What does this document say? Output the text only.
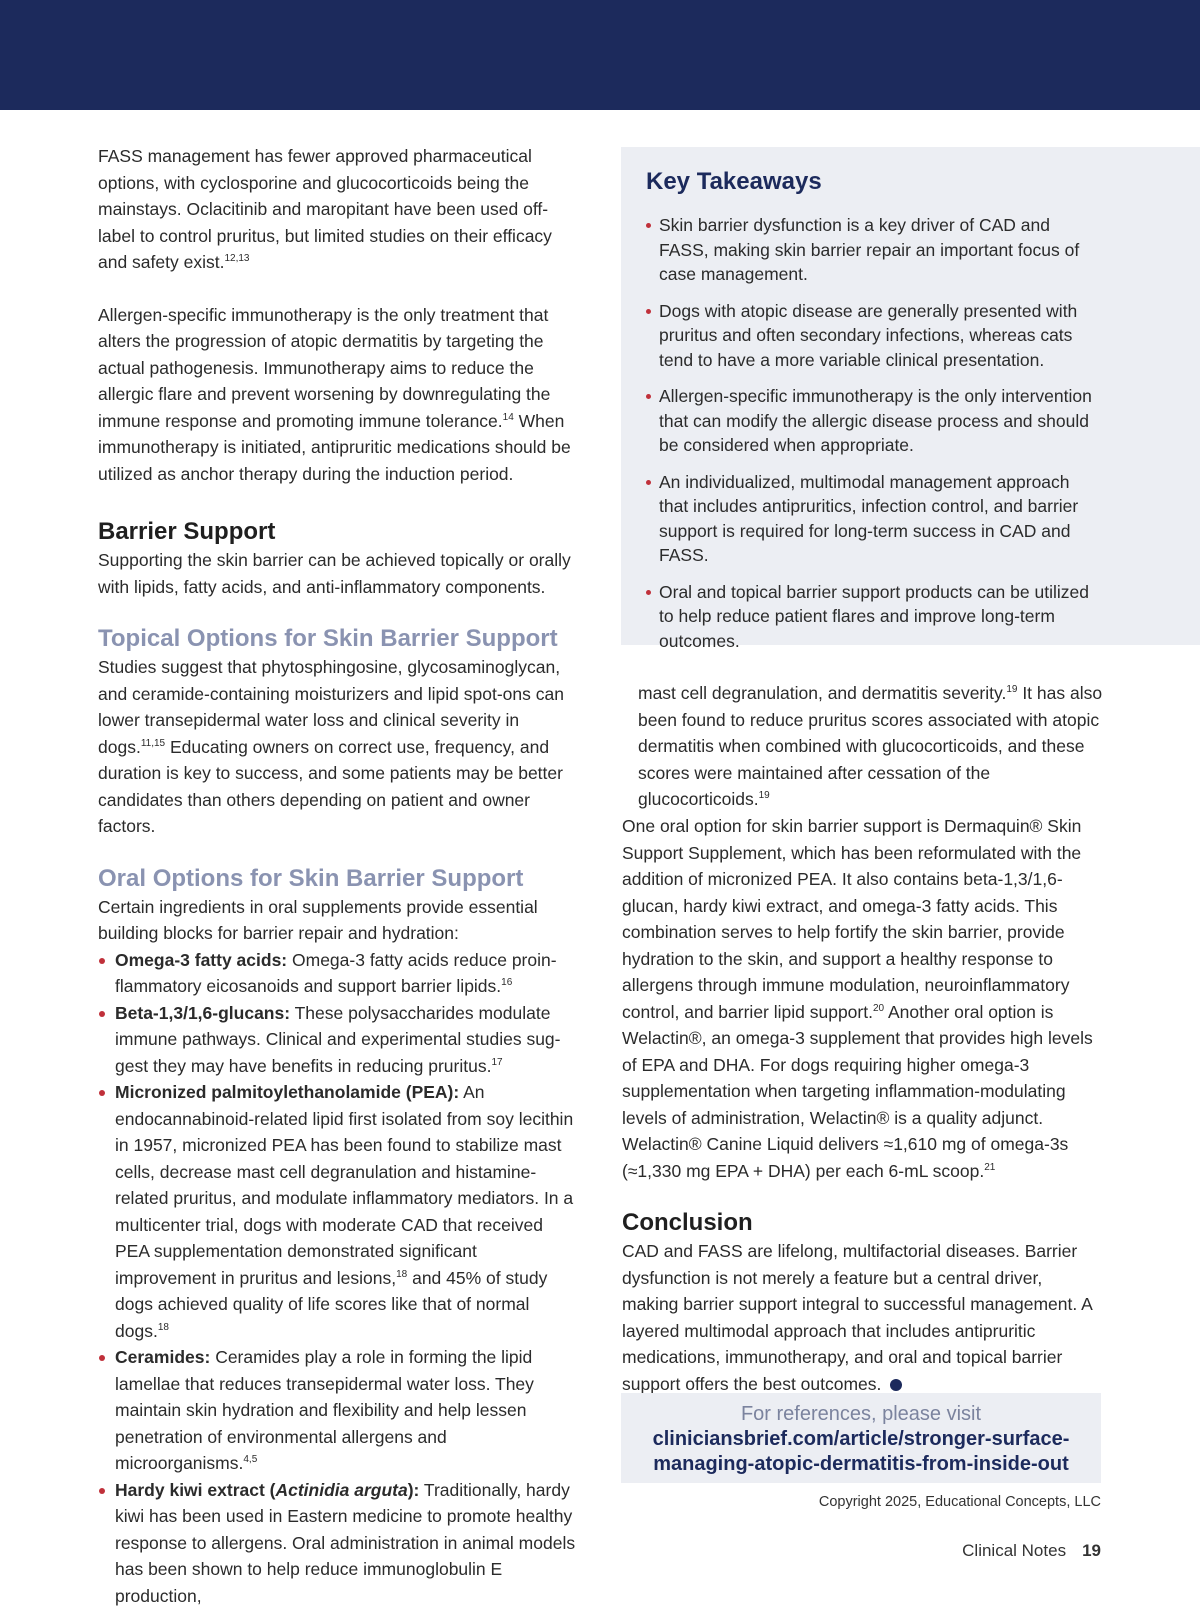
FASS management has fewer approved pharmaceutical options, with cyclosporine and glucocorticoids being the mainstays. Oclacitinib and maropitant have been used off-label to control pruritus, but limited studies on their efficacy and safety exist.$^{12,13}$

Allergen-specific immunotherapy is the only treatment that alters the progression of atopic dermatitis by targeting the actual pathogenesis. Immunotherapy aims to reduce the allergic flare and prevent worsening by downregulating the immune response and promoting immune tolerance.$^{14}$ When immunotherapy is initiated, antipruritic medications should be utilized as anchor therapy during the induction period.

Barrier Support

Supporting the skin barrier can be achieved topically or orally with lipids, fatty acids, and anti-inflammatory components.

Topical Options for Skin Barrier Support

Studies suggest that phytosphingosine, glycosaminoglycan, and ceramide-containing moisturizers and lipid spot-ons can lower transepidermal water loss and clinical severity in dogs.$^{11,15}$ Educating owners on correct use, frequency, and duration is key to success, and some patients may be better candidates than others depending on patient and owner factors.

Oral Options for Skin Barrier Support

Certain ingredients in oral supplements provide essential building blocks for barrier repair and hydration:

Omega-3 fatty acids: Omega-3 fatty acids reduce proinflammatory eicosanoids and support barrier lipids.$^{16}$
Beta-1,3/1,6-glucans: These polysaccharides modulate immune pathways. Clinical and experimental studies suggest they may have benefits in reducing pruritus.$^{17}$
Micronized palmitoylethanolamide (PEA): An endocannabinoid-related lipid first isolated from soy lecithin in 1957, micronized PEA has been found to stabilize mast cells, decrease mast cell degranulation and histamine-related pruritus, and modulate inflammatory mediators. In a multicenter trial, dogs with moderate CAD that received PEA supplementation demonstrated significant improvement in pruritus and lesions,$^{18}$ and 45% of study dogs achieved quality of life scores like that of normal dogs.$^{18}$
Ceramides: Ceramides play a role in forming the lipid lamellae that reduces transepidermal water loss. They maintain skin hydration and flexibility and help lessen penetration of environmental allergens and microorganisms.$^{4,5}$
Hardy kiwi extract (Actinidia arguta): Traditionally, hardy kiwi has been used in Eastern medicine to promote healthy response to allergens. Oral administration in animal models has been shown to help reduce immunoglobulin E production,
Key Takeaways
Skin barrier dysfunction is a key driver of CAD and FASS, making skin barrier repair an important focus of case management.
Dogs with atopic disease are generally presented with pruritus and often secondary infections, whereas cats tend to have a more variable clinical presentation.
Allergen-specific immunotherapy is the only intervention that can modify the allergic disease process and should be considered when appropriate.
An individualized, multimodal management approach that includes antipruritics, infection control, and barrier support is required for long-term success in CAD and FASS.
Oral and topical barrier support products can be utilized to help reduce patient flares and improve long-term outcomes.

mast cell degranulation, and dermatitis severity.$^{19}$ It has also been found to reduce pruritus scores associated with atopic dermatitis when combined with glucocorticoids, and these scores were maintained after cessation of the glucocorticoids.$^{19}$

One oral option for skin barrier support is Dermaquin® Skin Support Supplement, which has been reformulated with the addition of micronized PEA. It also contains beta-1,3/1,6-glucan, hardy kiwi extract, and omega-3 fatty acids. This combination serves to help fortify the skin barrier, provide hydration to the skin, and support a healthy response to allergens through immune modulation, neuroinflammatory control, and barrier lipid support.$^{20}$ Another oral option is Welactin®, an omega-3 supplement that provides high levels of EPA and DHA. For dogs requiring higher omega-3 supplementation when targeting inflammation-modulating levels of administration, Welactin® is a quality adjunct. Welactin® Canine Liquid delivers ≈1,610 mg of omega-3s (≈1,330 mg EPA + DHA) per each 6-mL scoop.$^{21}$

Conclusion

CAD and FASS are lifelong, multifactorial diseases. Barrier dysfunction is not merely a feature but a central driver, making barrier support integral to successful management. A layered multimodal approach that includes antipruritic medications, immunotherapy, and oral and topical barrier support offers the best outcomes.

For references, please visit
cliniciansbrief.com/article/stronger-surface-
managing-atopic-dermatitis-from-inside-out
Copyright 2025, Educational Concepts, LLC
Clinical Notes 19
